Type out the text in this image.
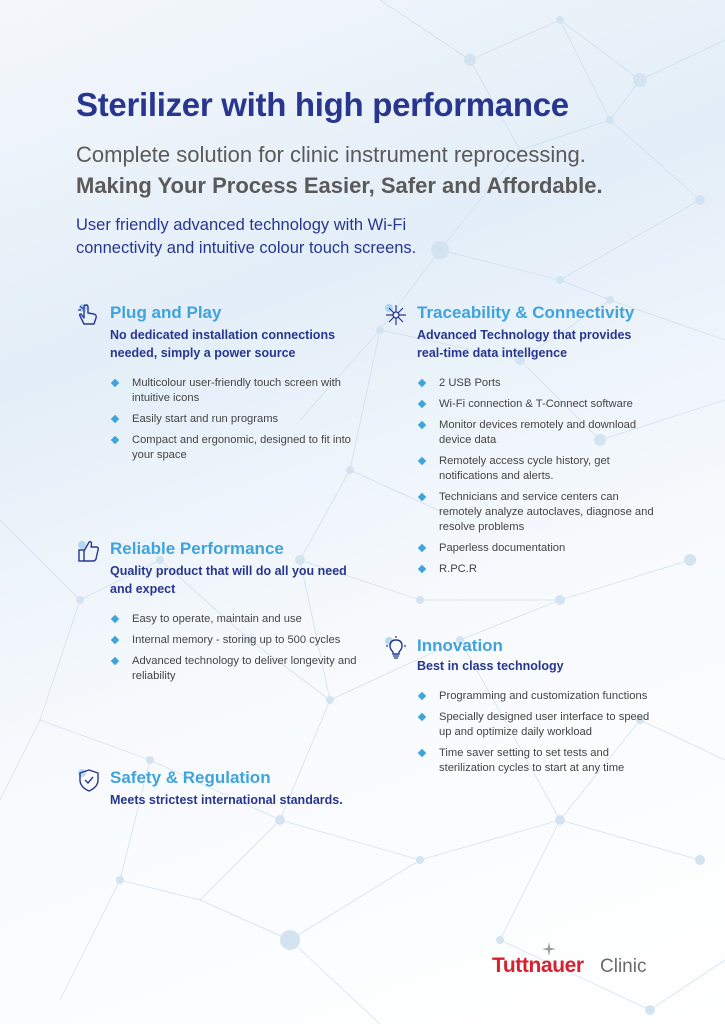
Sterilizer with high performance

Complete solution for clinic instrument reprocessing.

Making Your Process Easier, Safer and Affordable.

User friendly advanced technology with Wi-Fi connectivity and intuitive colour touch screens.

Plug and Play

No dedicated installation connections needed, simply a power source

Multicolour user-friendly touch screen with intuitive icons
Easily start and run programs
Compact and ergonomic, designed to fit into your space
Reliable Performance

Quality product that will do all you need and expect

Easy to operate, maintain and use
Internal memory - storing up to 500 cycles
Advanced technology to deliver longevity and reliability
Safety & Regulation

Meets strictest international standards.

Traceability & Connectivity

Advanced Technology that provides real-time data intellgence

2 USB Ports
Wi-Fi connection & T-Connect software
Monitor devices remotely and download device data
Remotely access cycle history, get notifications and alerts.
Technicians and service centers can remotely analyze autoclaves, diagnose and resolve problems
Paperless documentation
R.PC.R
Innovation

Best in class technology

Programming and customization functions
Specially designed user interface to speed up and optimize daily workload
Time saver setting to set tests and sterilization cycles to start at any time
Tuttnauer Clinic
